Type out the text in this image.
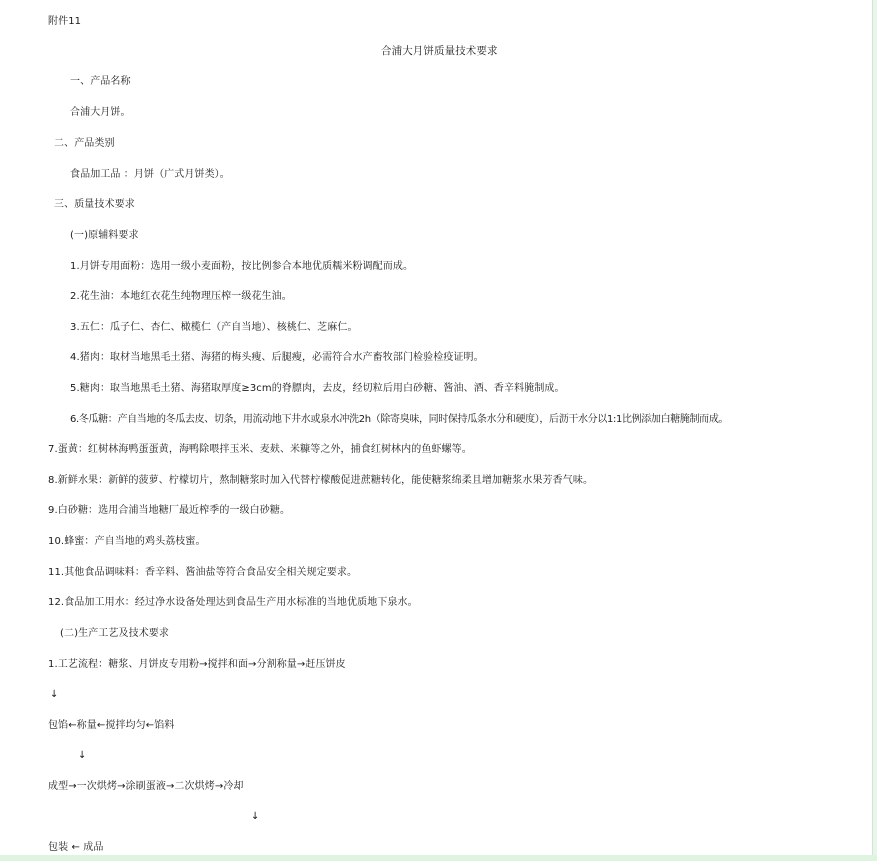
附件11
合浦大月饼质量技术要求
一、产品名称
合浦大月饼。
二、产品类别
食品加工品 ：月饼（广式月饼类）。
三、质量技术要求
(一)原辅料要求
1.月饼专用面粉：选用一级小麦面粉，按比例参合本地优质糯米粉调配而成。
2.花生油：本地红衣花生纯物理压榨一级花生油。
3.五仁：瓜子仁、杏仁、橄榄仁（产自当地）、核桃仁、芝麻仁。
4.猪肉：取材当地黑毛土猪、海猪的梅头瘦、后腿瘦，必需符合水产畜牧部门检验检疫证明。
5.糖肉：取当地黑毛土猪、海猪取厚度≥3cm的脊膘肉，去皮，经切粒后用白砂糖、酱油、酒、香辛料腌制成。
6.冬瓜糖：产自当地的冬瓜去皮、切条，用流动地下井水或泉水冲洗2h（除寄臭味，同时保持瓜条水分和硬度），后沥干水分以1:1比例添加白糖腌制而成。
7.蛋黄：红树林海鸭蛋蛋黄，海鸭除喂拌玉米、麦麸、米糠等之外，捕食红树林内的鱼虾螺等。
8.新鲜水果：新鲜的菠萝、柠檬切片，熬制糖浆时加入代替柠檬酸促进蔗糖转化，能使糖浆绵柔且增加糖浆水果芳香气味。
9.白砂糖：选用合浦当地糖厂最近榨季的一级白砂糖。
10.蜂蜜：产自当地的鸡头荔枝蜜。
11.其他食品调味料：香辛料、酱油盐等符合食品安全相关规定要求。
12.食品加工用水：经过净水设备处理达到食品生产用水标准的当地优质地下泉水。
(二)生产工艺及技术要求
1.工艺流程：糖浆、月饼皮专用粉→搅拌和面→分割称量→赶压饼皮
↓
包馅←称量←搅拌均匀←馅料
↓
成型→一次烘烤→涂刷蛋液→二次烘烤→冷却
↓
包装 ← 成品
